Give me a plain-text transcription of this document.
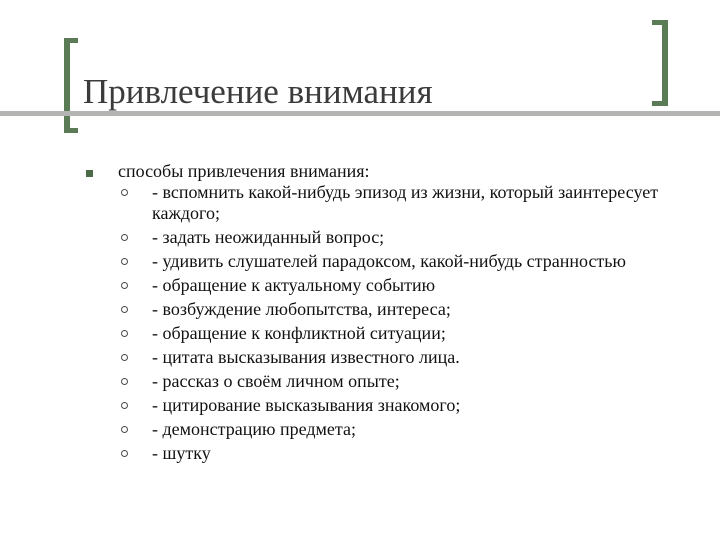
Привлечение внимания

способы привлечения внимания:

- вспомнить какой-нибудь эпизод из жизни, который заинтересует каждого;

- задать неожиданный вопрос;

- удивить слушателей парадоксом, какой-нибудь странностью

- обращение к актуальному событию

- возбуждение любопытства, интереса;

- обращение к конфликтной ситуации;

- цитата высказывания известного лица.

- рассказ о своём личном опыте;

- цитирование высказывания знакомого;

- демонстрацию предмета;

- шутку
